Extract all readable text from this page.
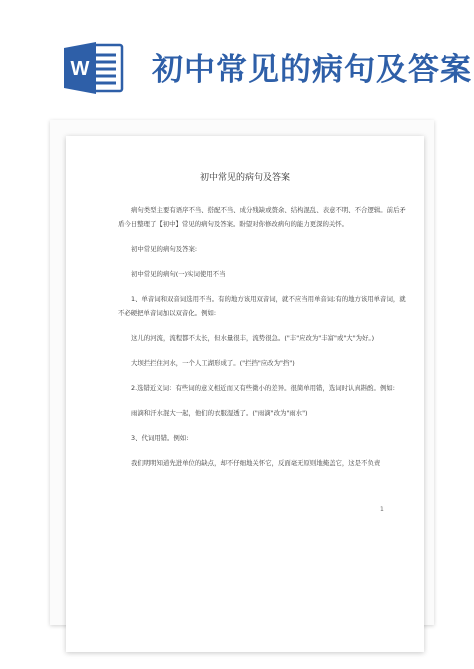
W 初中常见的病句及答案
初中常见的病句及答案

病句类型主要有语序不当、搭配不当、成分残缺或赘余、结构混乱、表意不明、不合逻辑。前后矛盾今日整理了【初中】常见的病句及答案。盼望对你修改病句的能力更深的关怀。

初中常见的病句及答案:

初中常见的病句(一)实词使用不当

1、单音词和双音词选用不当。有的地方该用双音词，就不应当用单音词;有的地方该用单音词，就不必硬把单音词加以双音化。例如:

这儿的河流，流程都不太长，但水量很丰，流势很急。("丰"应改为"丰富"或"大"为好。)

大坝拦拦住河水，一个人工湖形成了。("拦挡"应改为"挡")

2.选错近义词：有些词的意义相近而又有些微小的差异。很简单用错，选词时认真斟酌。例如:

雨滴和汗水混大一起，他们的衣服湿透了。("雨滴"改为"雨水")

3、代词用错。例如:

我们明明知道先进单位的缺点，却不仔细地关怀它，反面毫无原则地掩盖它，这是不负责

1
